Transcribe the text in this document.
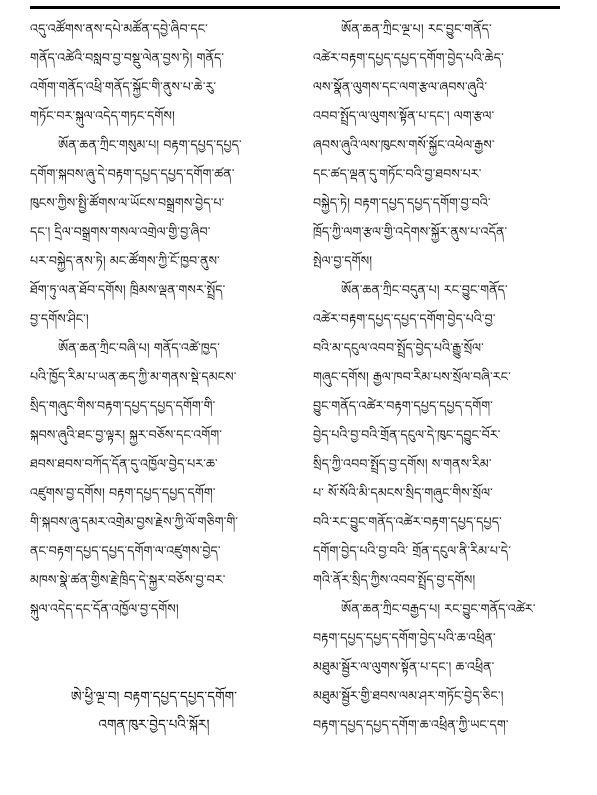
འདུ་འཚོགས་ནས་དཔེ་མཚོན་དབྱེ་ཞིབ་དང་
གནོད་འཚེའི་བསླབ་བྱ་བསྡུ་ལེན་བྱས་ཏེ། གནོད་
འགོག་གནོད་འཕྲི་གནོད་སྐྱོང་གི་ནུས་པ་ཆེ་རུ་
གཏོང་བར་སྐུལ་འདེད་གཏང་དགོས།
ཨོན་ཆན་ཀྲིང་གསུམ་པ། བརྟག་དཔྱད་དཔྱད་
དགོག་སྐབས་ཞུ་དེ་བརྟག་དཔྱད་དཔྱད་དགོག་ཚན་
ཁུངས་ཀྱིས་སྤྱི་ཚོགས་ལ་ཡོངས་བསྒྲགས་བྱེད་པ་
དང་། དྲིལ་བསྒྲགས་གསལ་འགྲེལ་གྱི་བྱ་ཞིབ་
པར་བསྐྱེད་ནས་ཏེ། མང་ཚོགས་ཀྱི་ངོ་ཁྱབ་ནུས་
ཐོག་ཏུ་ལན་ཐོབ་དགོས། ཁྲིམས་ལྡན་གསར་སྤྲོད་
བྱ་དགོས་ཤིང་།
ཨོན་ཆན་ཀྲིང་བཞི་པ། གནོད་འཚེ་ཁྱད་
པའི་ཁྱོད་རིམ་པ་ཡན་ཆད་ཀྱི་མ་གནས་སྡེ་དམངས་
སྲིད་གཞུང་གིས་བརྟག་དཔྱད་དཔྱད་དགོག་གི་
སྐབས་ཞུའི་ཐང་བྱ་ལྟར། སྐྱར་བཅོས་དང་འགོག་
ཐབས་ཐབས་བཀོད་དོན་དུ་འཁྱོལ་བྱེད་པར་ཆ་
འཛུགས་བྱ་དགོས། བརྟག་དཔྱད་དཔྱད་དགོག་
གི་སྐབས་ཞུ་དམར་འགྲེམ་བྱས་རྗེས་ཀྱི་ལོ་གཅིག་གི་
ནང་བརྟག་དཔྱད་དཔྱད་དགོག་ལ་འཛུགས་བྱེད་
མཁས་སྣེ་ཚན་གྱིས་རྗེ་ཁྲིད་དེ་སྐྱར་བཅོས་བྱ་བར་
སྐུལ་འདེད་དང་དོན་འཁྱོལ་བྱ་དགོས།
ཨོན་ཆན་ཀྲིང་ལྔ་པ། རང་བྱུང་གནོད་
འཚེར་བརྟག་དཔྱད་དཔྱད་དགོག་བྱེད་པའི་ཆེད་
ལས་སྣོན་ལུགས་དང་ལག་རྩལ་ཞབས་ཞུའི་
འབབ་སྤྲོད་ལ་ལུགས་སྟོན་པ་དང་། ལག་རྩལ་
ཞབས་ཞུའི་ལས་ཁུངས་གསོ་སྐྱོང་འཕེལ་རྒྱས་
དང་ཚད་ལྡན་དུ་གཏོང་བའི་བྱ་ཐབས་པར་
བསྐྱེད་ཏེ། བརྟག་དཔྱད་དཔྱད་དགོག་བྱ་བའི་
ཁྲོད་ཀྱི་ལག་རྩལ་གྱི་འདེགས་སྐྱོར་ནུས་པ་འདོན་
སྤེལ་བྱ་དགོས།
ཨོན་ཆན་ཀྲིང་བདུན་པ། རང་བྱུང་གནོད་
འཚེར་བརྟག་དཔྱད་དཔྱད་དགོག་བྱེད་པའི་བྱ་
བའི་མ་དངུལ་འབབ་སྤྲོད་བྱེད་པའི་རྒྱུ་སྲོལ་
གཞུང་དགོས། རྒྱལ་ཁབ་རིམ་པས་སྲོལ་བཞི་རང་
བྱུང་གནོད་འཚེར་བརྟག་དཔྱད་དཔྱད་དགོག་
བྱེད་པའི་བྱ་བའི་གྲོན་དངུལ་དེ་ཁུང་དབྱུང་བོར་
སྲིད་ཀྱི་འབབ་སྤྲོད་བྱ་དགོས། ས་གནས་རིམ་
པ་ སོ་སོའི་མི་དམངས་སྲིད་གཞུང་གིས་སྲོལ་
བའི་རང་བྱུང་གནོད་འཚེར་བརྟག་དཔྱད་དཔྱད་
དགོག་བྱེད་པའི་བྱ་བའི་ གྲོན་དངུལ་ནི་རིམ་པ་དེ་
གའི་ནོར་སྲིད་ཀྱིས་འབབ་སྤྲོད་བྱ་དགོས།
ཨོན་ཆན་ཀྲིང་བརྒྱད་པ། རང་བྱུང་གནོད་འཚེར་
བརྟག་དཔྱད་དཔྱད་དགོག་བྱེད་པའི་ཆ་འཕྲིན་
མཐུམ་སྦྱོར་ལ་ལུགས་སྟོན་པ་དང་། ཆ་འཕྲིན་
མཐུམ་སྦྱོར་གྱི་ཐབས་ལམ་ཤར་གཏོང་བྱེད་ཅིང་།
བརྟག་དཔྱད་དཔྱད་དགོག་ཆ་འཕྲིན་ཀྱི་ཡང་དག་
ཨེ་ཕྱི་ལྔ་བ། བརྟག་དཔྱད་དཔྱད་དགོག་
འགན་ཁུར་བྱེད་པའི་སྐོར།
